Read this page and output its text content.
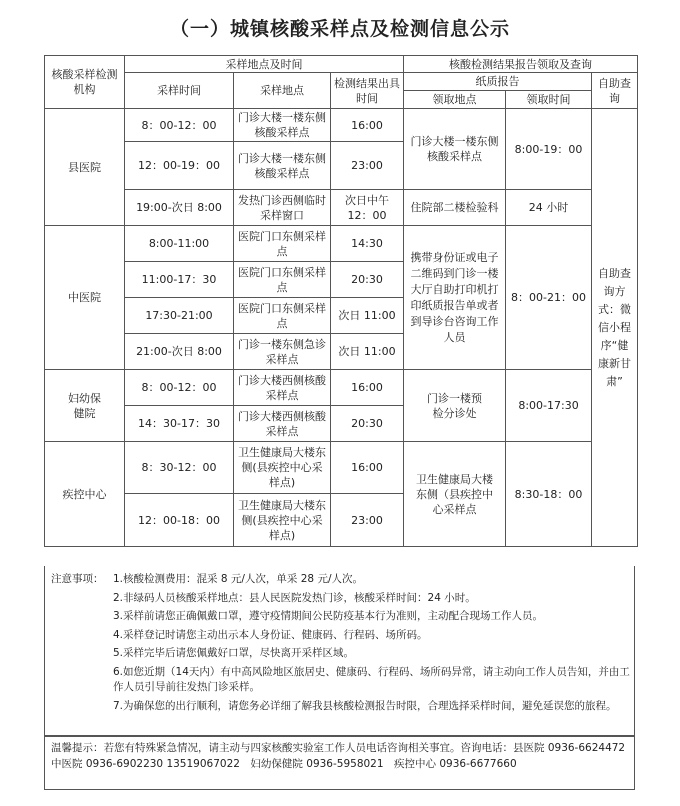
（一）城镇核酸采样点及检测信息公示
核酸采样检测机构	采样地点及时间			核酸检测结果报告领取及查询		
	采样时间	采样地点	检测结果出具时间	纸质报告		自助查询
				领取地点	领取时间	
县医院	8：00-12：00	门诊大楼一楼东侧核酸采样点	16:00	门诊大楼一楼东侧核酸采样点	8:00-19：00	自助查询方式：微信小程序“健康新甘肃”
	12：00-19：00	门诊大楼一楼东侧核酸采样点	23:00			
	19:00-次日 8:00	发热门诊西侧临时采样窗口	次日中午12：00	住院部二楼检验科	24 小时	
中医院	8:00-11:00	医院门口东侧采样点	14:30	携带身份证或电子二维码到门诊一楼大厅自助打印机打印纸质报告单或者到导诊台咨询工作人员	8：00-21：00	
	11:00-17：30	医院门口东侧采样点	20:30			
	17:30-21:00	医院门口东侧采样点	次日 11:00			
	21:00-次日 8:00	门诊一楼东侧急诊采样点	次日 11:00			
妇幼保健院	8：00-12：00	门诊大楼西侧核酸采样点	16:00	门诊一楼预检分诊处	8:00-17:30	
	14：30-17：30	门诊大楼西侧核酸采样点	20:30			
疾控中心	8：30-12：00	卫生健康局大楼东侧(县疾控中心采样点)	16:00	卫生健康局大楼东侧（县疾控中心采样点	8:30-18：00	
	12：00-18：00	卫生健康局大楼东侧(县疾控中心采样点)	23:00			
注意事项： 1.核酸检测费用：混采 8 元/人次，单采 28 元/人次。
2.非绿码人员核酸采样地点：县人民医院发热门诊，核酸采样时间：24 小时。
3.采样前请您正确佩戴口罩，遵守疫情期间公民防疫基本行为准则，主动配合现场工作人员。
4.采样登记时请您主动出示本人身份证、健康码、行程码、场所码。
5.采样完毕后请您佩戴好口罩，尽快离开采样区域。
6.如您近期（14天内）有中高风险地区旅居史、健康码、行程码、场所码异常，请主动向工作人员告知，并由工作人员引导前往发热门诊采样。
7.为确保您的出行顺利，请您务必详细了解我县核酸检测报告时限，合理选择采样时间，避免延误您的旅程。
温馨提示：若您有特殊紧急情况，请主动与四家核酸实验室工作人员电话咨询相关事宜。咨询电话：县医院 0936-6624472　中医院 0936-6902230 13519067022　妇幼保健院 0936-5958021　疾控中心 0936-6677660
